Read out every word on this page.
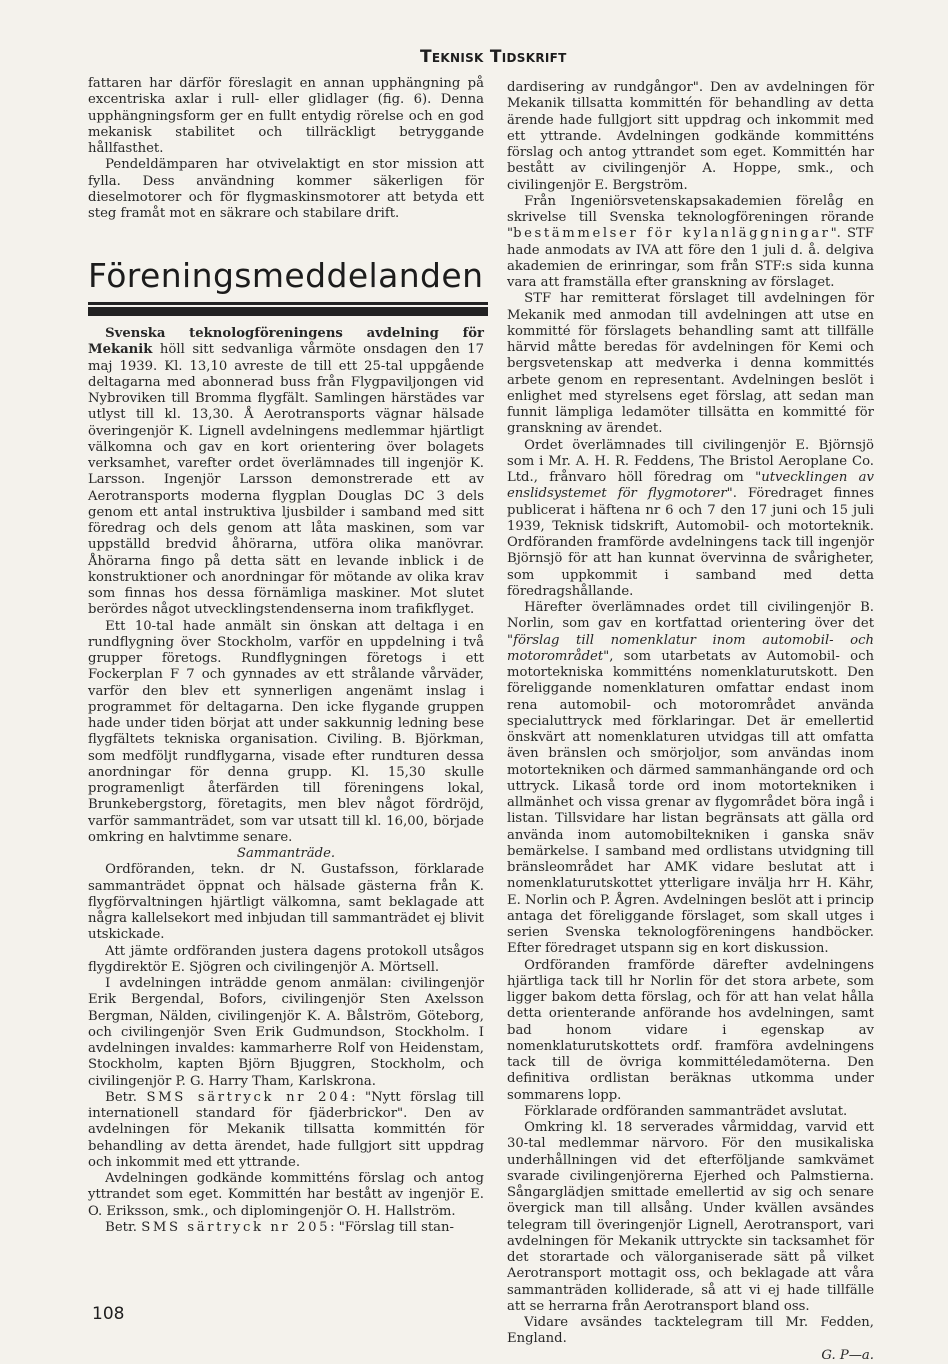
Teknisk Tidskrift

fattaren har därför föreslagit en annan upphängning på excentriska axlar i rull- eller glidlager (fig. 6). Denna upphängningsform ger en fullt entydig rörelse och en god mekanisk stabilitet och tillräckligt betryggande hållfasthet.

Pendeldämparen har otvivelaktigt en stor mission att fylla. Dess användning kommer säkerligen för dieselmotorer och för flygmaskinsmotorer att betyda ett steg framåt mot en säkrare och stabilare drift.

Föreningsmeddelanden

Svenska teknologföreningens avdelning för Mekanik höll sitt sedvanliga vårmöte onsdagen den 17 maj 1939. Kl. 13,10 avreste de till ett 25-tal uppgående deltagarna med abonnerad buss från Flygpaviljongen vid Nybroviken till Bromma flygfält. Samlingen härstädes var utlyst till kl. 13,30. Å Aerotransports vägnar hälsade överingenjör K. Lignell avdelningens medlemmar hjärtligt välkomna och gav en kort orientering över bolagets verksamhet, varefter ordet överlämnades till ingenjör K. Larsson. Ingenjör Larsson demonstrerade ett av Aerotransports moderna flygplan Douglas DC 3 dels genom ett antal instruktiva ljusbilder i samband med sitt föredrag och dels genom att låta maskinen, som var uppställd bredvid åhörarna, utföra olika manövrar. Åhörarna fingo på detta sätt en levande inblick i de konstruktioner och anordningar för mötande av olika krav som finnas hos dessa förnämliga maskiner. Mot slutet berördes något utvecklingstendenserna inom trafikflyget.

Ett 10-tal hade anmält sin önskan att deltaga i en rundflygning över Stockholm, varför en uppdelning i två grupper företogs. Rundflygningen företogs i ett Fockerplan F 7 och gynnades av ett strålande vårväder, varför den blev ett synnerligen angenämt inslag i programmet för deltagarna. Den icke flygande gruppen hade under tiden börjat att under sakkunnig ledning bese flygfältets tekniska organisation. Civiling. B. Björkman, som medföljt rundflygarna, visade efter rundturen dessa anordningar för denna grupp. Kl. 15,30 skulle programenligt återfärden till föreningens lokal, Brunkebergstorg, företagits, men blev något fördröjd, varför sammanträdet, som var utsatt till kl. 16,00, började omkring en halvtimme senare.

Sammanträde.

Ordföranden, tekn. dr N. Gustafsson, förklarade sammanträdet öppnat och hälsade gästerna från K. flygförvaltningen hjärtligt välkomna, samt beklagade att några kallelsekort med inbjudan till sammanträdet ej blivit utskickade.

Att jämte ordföranden justera dagens protokoll utsågos flygdirektör E. Sjögren och civilingenjör A. Mörtsell.

I avdelningen inträdde genom anmälan: civilingenjör Erik Bergendal, Bofors, civilingenjör Sten Axelsson Bergman, Nälden, civilingenjör K. A. Bålström, Göteborg, och civilingenjör Sven Erik Gudmundson, Stockholm. I avdelningen invaldes: kammarherre Rolf von Heidenstam, Stockholm, kapten Björn Bjuggren, Stockholm, och civilingenjör P. G. Harry Tham, Karlskrona.

Betr. SMS särtryck nr 204: "Nytt förslag till internationell standard för fjäderbrickor". Den av avdelningen för Mekanik tillsatta kommittén för behandling av detta ärendet, hade fullgjort sitt uppdrag och inkommit med ett yttrande.

Avdelningen godkände kommitténs förslag och antog yttrandet som eget. Kommittén har bestått av ingenjör E. O. Eriksson, smk., och diplomingenjör O. H. Hallström.

Betr. SMS särtryck nr 205: "Förslag till stan-

dardisering av rundgångor". Den av avdelningen för Mekanik tillsatta kommittén för behandling av detta ärende hade fullgjort sitt uppdrag och inkommit med ett yttrande. Avdelningen godkände kommitténs förslag och antog yttrandet som eget. Kommittén har bestått av civilingenjör A. Hoppe, smk., och civilingenjör E. Bergström.

Från Ingeniörsvetenskapsakademien förelåg en skrivelse till Svenska teknologföreningen rörande "bestämmelser för kylanläggningar". STF hade anmodats av IVA att före den 1 juli d. å. delgiva akademien de erinringar, som från STF:s sida kunna vara att framställa efter granskning av förslaget.

STF har remitterat förslaget till avdelningen för Mekanik med anmodan till avdelningen att utse en kommitté för förslagets behandling samt att tillfälle härvid måtte beredas för avdelningen för Kemi och bergsvetenskap att medverka i denna kommittés arbete genom en representant. Avdelningen beslöt i enlighet med styrelsens eget förslag, att sedan man funnit lämpliga ledamöter tillsätta en kommitté för granskning av ärendet.

Ordet överlämnades till civilingenjör E. Björnsjö som i Mr. A. H. R. Feddens, The Bristol Aeroplane Co. Ltd., frånvaro höll föredrag om "utvecklingen av enslidsystemet för flygmotorer". Föredraget finnes publicerat i häftena nr 6 och 7 den 17 juni och 15 juli 1939, Teknisk tidskrift, Automobil- och motorteknik. Ordföranden framförde avdelningens tack till ingenjör Björnsjö för att han kunnat övervinna de svårigheter, som uppkommit i samband med detta föredragshållande.

Härefter överlämnades ordet till civilingenjör B. Norlin, som gav en kortfattad orientering över det "förslag till nomenklatur inom automobil- och motorområdet", som utarbetats av Automobil- och motortekniska kommitténs nomenklaturutskott. Den föreliggande nomenklaturen omfattar endast inom rena automobil- och motorområdet använda specialuttryck med förklaringar. Det är emellertid önskvärt att nomenklaturen utvidgas till att omfatta även bränslen och smörjoljor, som användas inom motortekniken och därmed sammanhängande ord och uttryck. Likaså torde ord inom motortekniken i allmänhet och vissa grenar av flygområdet böra ingå i listan. Tillsvidare har listan begränsats att gälla ord använda inom automobiltekniken i ganska snäv bemärkelse. I samband med ordlistans utvidgning till bränsleområdet har AMK vidare beslutat att i nomenklaturutskottet ytterligare invälja hrr H. Kähr, E. Norlin och P. Ågren. Avdelningen beslöt att i princip antaga det föreliggande förslaget, som skall utges i serien Svenska teknologföreningens handböcker. Efter föredraget utspann sig en kort diskussion.

Ordföranden framförde därefter avdelningens hjärtliga tack till hr Norlin för det stora arbete, som ligger bakom detta förslag, och för att han velat hålla detta orienterande anförande hos avdelningen, samt bad honom vidare i egenskap av nomenklaturutskottets ordf. framföra avdelningens tack till de övriga kommittéledamöterna. Den definitiva ordlistan beräknas utkomma under sommarens lopp.

Förklarade ordföranden sammanträdet avslutat.

Omkring kl. 18 serverades vårmiddag, varvid ett 30-tal medlemmar närvoro. För den musikaliska underhållningen vid det efterföljande samkvämet svarade civilingenjörerna Ejerhed och Palmstierna. Sångarglädjen smittade emellertid av sig och senare övergick man till allsång. Under kvällen avsändes telegram till överingenjör Lignell, Aerotransport, vari avdelningen för Mekanik uttryckte sin tacksamhet för det storartade och välorganiserade sätt på vilket Aerotransport mottagit oss, och beklagade att våra sammanträden kolliderade, så att vi ej hade tillfälle att se herrarna från Aerotransport bland oss.

Vidare avsändes tacktelegram till Mr. Fedden, England.

G. P—a.

108
